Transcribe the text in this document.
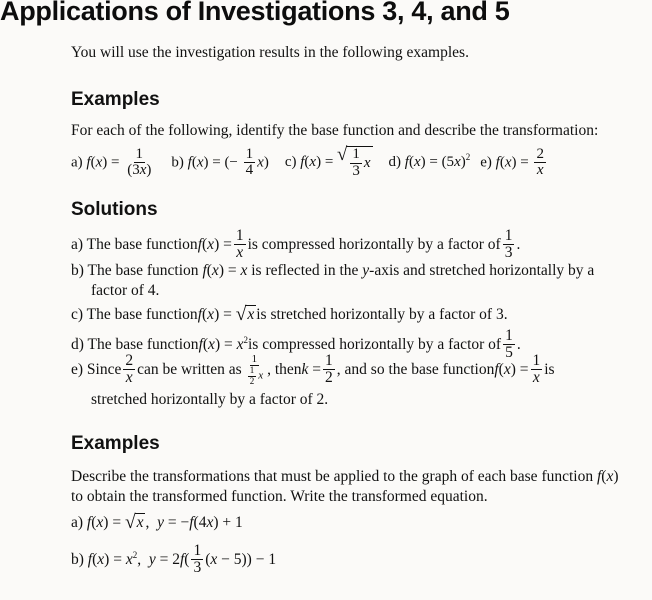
Applications of Investigations 3, 4, and 5
You will use the investigation results in the following examples.
Examples
For each of the following, identify the base function and describe the transformation:
a) $f(x) = \frac{1}{(3x)} b$) f(x) = (− $\frac{1}{4} x$) c) f(x) = √ $\frac{1}{3}$ x d) $f(x) = (5x)^2$ e) $f(x) = \frac{2}{x}$
Solutions
a) The base function $f(x) = \frac{1}{x}$ is compressed horizontally by a factor of $\frac{1}{3}$ .
b) The base function f(x) = x is reflected in the y-axis and stretched horizontally by a
factor of 4.
c) The base function f(x) = √ x is stretched horizontally by a factor of 3.
d) The base function $f(x) = x^2$ is compressed horizontally by a factor of $\frac{1}{5}$ .
e) Since $\frac{2}{x}$ can be written as $\frac{1}{\frac{1}{2} x}$ , then $k = \frac{1}{2}$ , and so the base function $f(x) = \frac{1}{x}$ is
stretched horizontally by a factor of 2.
Examples
Describe the transformations that must be applied to the graph of each base function f(x)
to obtain the transformed function. Write the transformed equation.
a)
f(x) = √ x ,  y = −f(4x) + 1
b)
$f(x) = x^2$,  $y = 2f( \frac{1}{3} (x - 5)) - 1$
